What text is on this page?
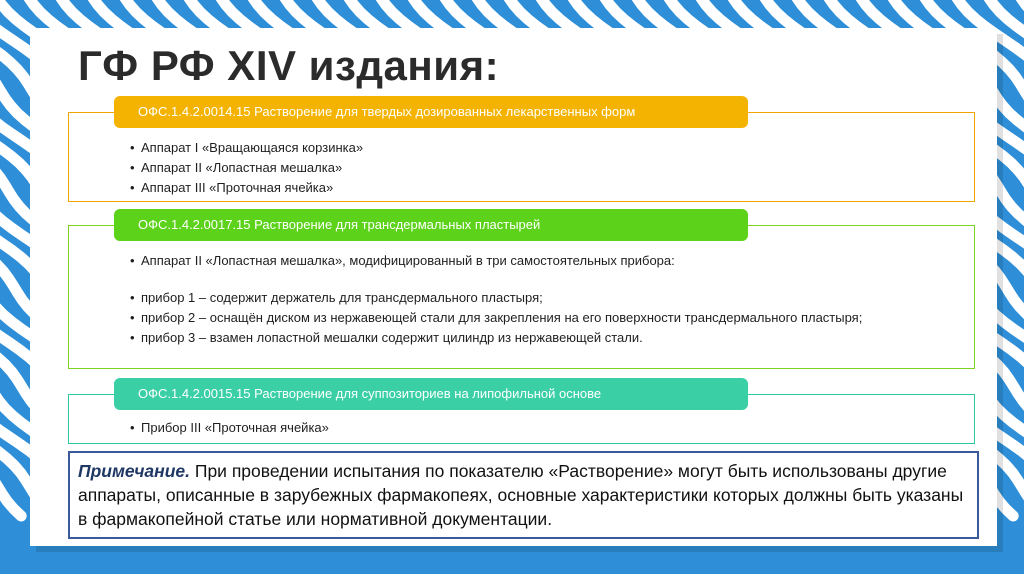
ГФ РФ XIV издания:
• Аппарат I «Вращающаяся корзинка»
• Аппарат II «Лопастная мешалка»
• Аппарат III «Проточная ячейка»
ОФС.1.4.2.0014.15 Растворение для твердых дозированных лекарственных форм
• Аппарат II «Лопастная мешалка», модифицированный в три самостоятельных прибора:
• прибор 1 – содержит держатель для трансдермального пластыря;
• прибор 2 – оснащён диском из нержавеющей стали для закрепления на его поверхности трансдермального пластыря;
• прибор 3 – взамен лопастной мешалки содержит цилиндр из нержавеющей стали.
ОФС.1.4.2.0017.15 Растворение для трансдермальных пластырей
• Прибор III «Проточная ячейка»
ОФС.1.4.2.0015.15 Растворение для суппозиториев на липофильной основе
Примечание. При проведении испытания по показателю «Растворение» могут быть использованы другие аппараты, описанные в зарубежных фармакопеях, основные характеристики которых должны быть указаны в фармакопейной статье или нормативной документации.
